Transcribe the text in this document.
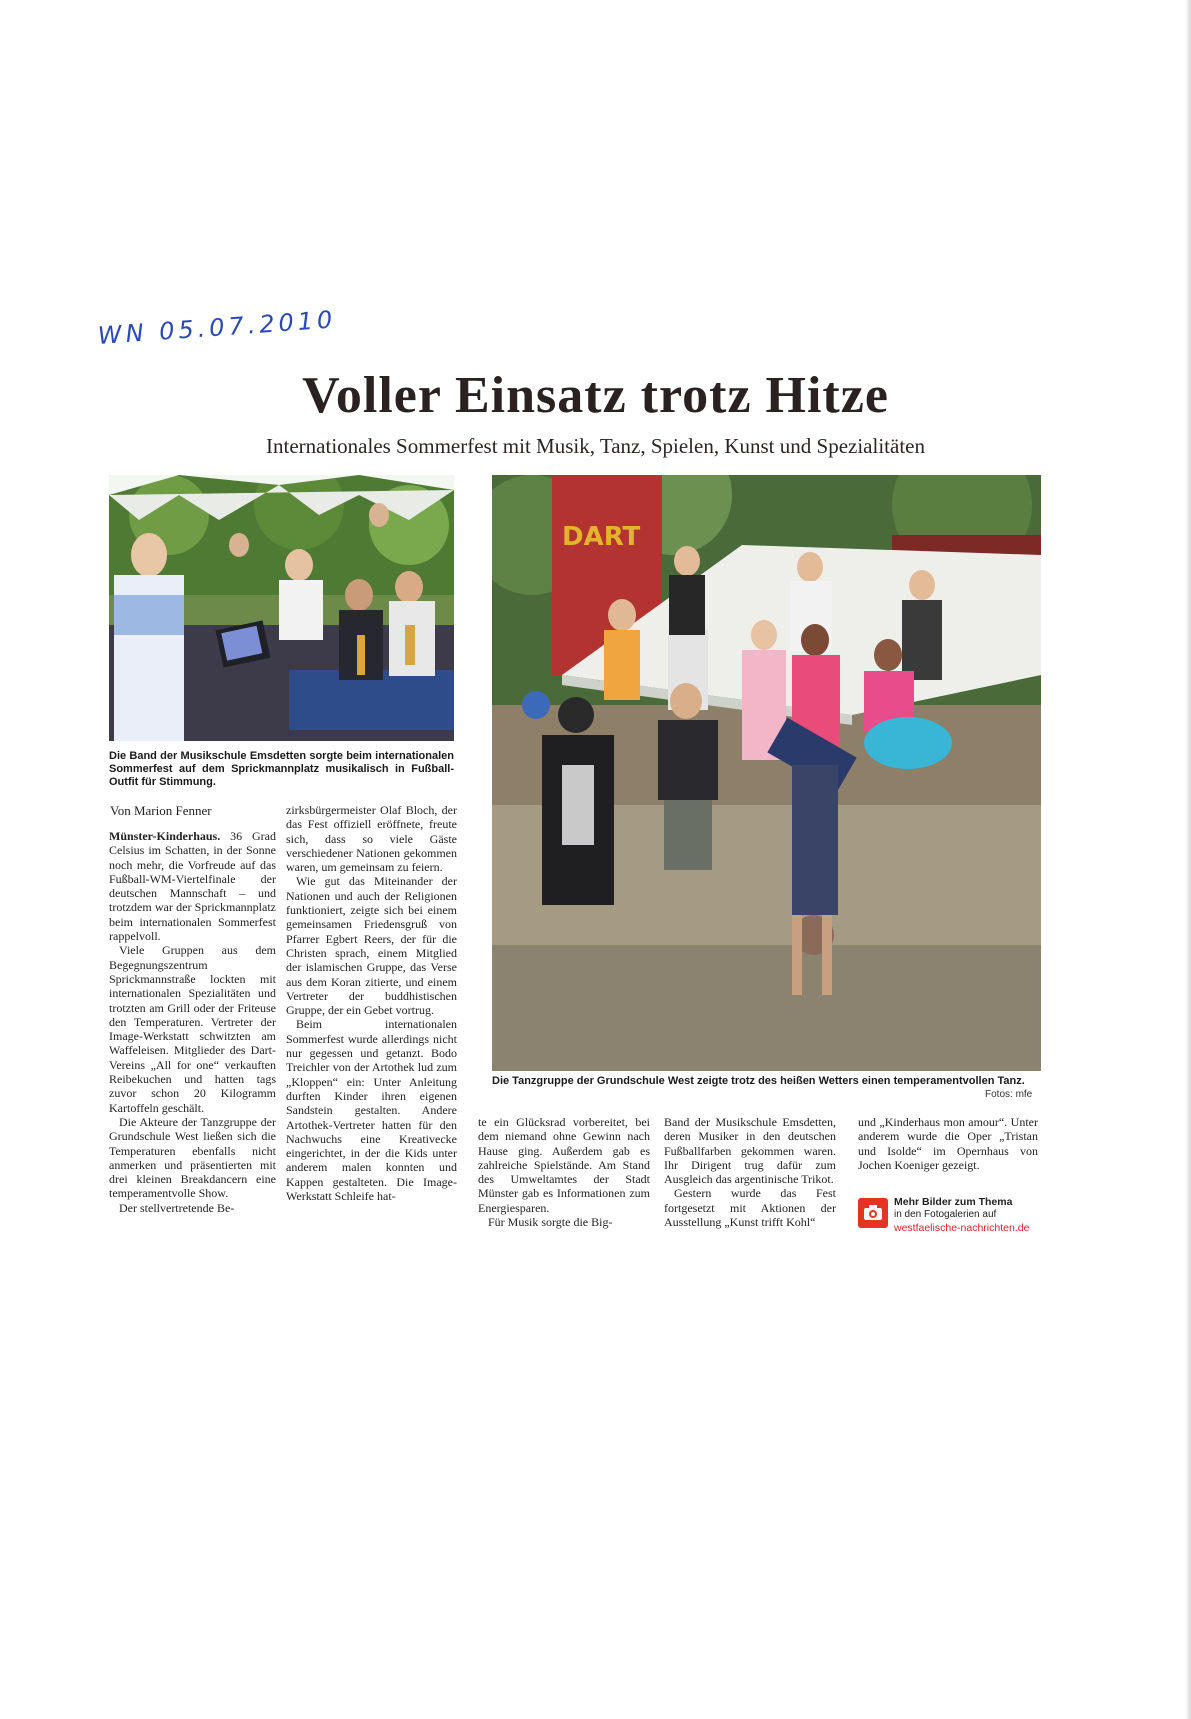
WN 05.07.2010
Voller Einsatz trotz Hitze
Internationales Sommerfest mit Musik, Tanz, Spielen, Kunst und Spezialitäten
Die Band der Musikschule Emsdetten sorgte beim internationalen Sommerfest auf dem Sprickmannplatz musikalisch in Fußball-Outfit für Stimmung.
DART
Die Tanzgruppe der Grundschule West zeigte trotz des heißen Wetters einen temperamentvollen Tanz.
Fotos: mfe
Von Marion Fenner

Münster-Kinderhaus. 36 Grad Celsius im Schatten, in der Sonne noch mehr, die Vorfreude auf das Fußball-WM-Viertelfinale der deutschen Mannschaft – und trotzdem war der Sprickmannplatz beim internationalen Sommerfest rappelvoll.

Viele Gruppen aus dem Begegnungszentrum Sprickmannstraße lockten mit internationalen Spezialitäten und trotzten am Grill oder der Friteuse den Temperaturen. Vertreter der Image-Werkstatt schwitzten am Waffeleisen. Mitglieder des Dart-Vereins „All for one“ verkauften Reibekuchen und hatten tags zuvor schon 20 Kilogramm Kartoffeln geschält.

Die Akteure der Tanzgruppe der Grundschule West ließen sich die Temperaturen ebenfalls nicht anmerken und präsentierten mit drei kleinen Breakdancern eine temperamentvolle Show.

Der stellvertretende Be-

zirksbürgermeister Olaf Bloch, der das Fest offiziell eröffnete, freute sich, dass so viele Gäste verschiedener Nationen gekommen waren, um gemeinsam zu feiern.

Wie gut das Miteinander der Nationen und auch der Religionen funktioniert, zeigte sich bei einem gemeinsamen Friedensgruß von Pfarrer Egbert Reers, der für die Christen sprach, einem Mitglied der islamischen Gruppe, das Verse aus dem Koran zitierte, und einem Vertreter der buddhistischen Gruppe, der ein Gebet vortrug.

Beim internationalen Sommerfest wurde allerdings nicht nur gegessen und getanzt. Bodo Treichler von der Artothek lud zum „Kloppen“ ein: Unter Anleitung durften Kinder ihren eigenen Sandstein gestalten. Andere Artothek-Vertreter hatten für den Nachwuchs eine Kreativecke eingerichtet, in der die Kids unter anderem malen konnten und Kappen gestalteten. Die Image-Werkstatt Schleife hat-

te ein Glücksrad vorbereitet, bei dem niemand ohne Gewinn nach Hause ging. Außerdem gab es zahlreiche Spielstände. Am Stand des Umweltamtes der Stadt Münster gab es Informationen zum Energiesparen.

Für Musik sorgte die Big-

Band der Musikschule Emsdetten, deren Musiker in den deutschen Fußballfarben gekommen waren. Ihr Dirigent trug dafür zum Ausgleich das argentinische Trikot.

Gestern wurde das Fest fortgesetzt mit Aktionen der Ausstellung „Kunst trifft Kohl“

und „Kinderhaus mon amour“. Unter anderem wurde die Oper „Tristan und Isolde“ im Opernhaus von Jochen Koeniger gezeigt.

Mehr Bilder zum Thema
in den Fotogalerien auf
westfaelische-nachrichten.de
